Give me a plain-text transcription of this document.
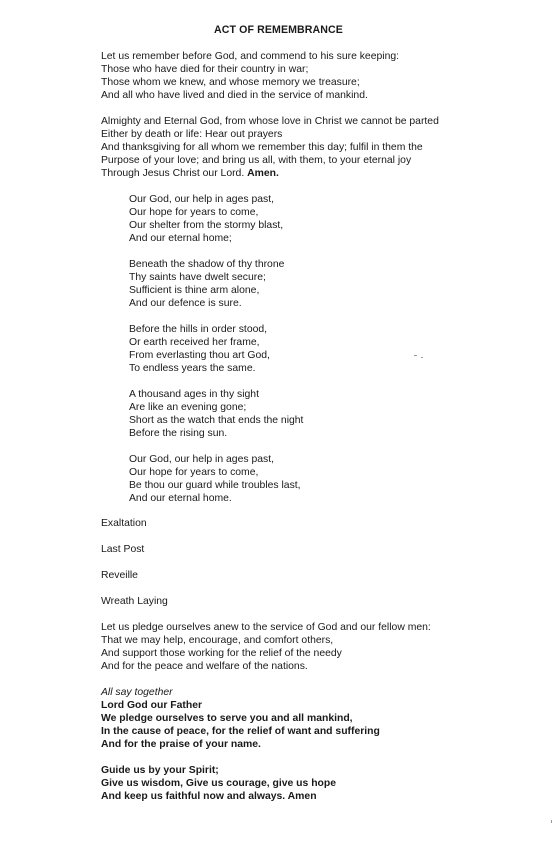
ACT OF REMEMBRANCE
Let us remember before God, and commend to his sure keeping:
Those who have died for their country in war;
Those whom we knew, and whose memory we treasure;
And all who have lived and died in the service of mankind.
Almighty and Eternal God, from whose love in Christ we cannot be parted
Either by death or life: Hear out prayers
And thanksgiving for all whom we remember this day; fulfil in them the
Purpose of your love; and bring us all, with them, to your eternal joy
Through Jesus Christ our Lord. Amen.
Our God, our help in ages past,
Our hope for years to come,
Our shelter from the stormy blast,
And our eternal home;
Beneath the shadow of thy throne
Thy saints have dwelt secure;
Sufficient is thine arm alone,
And our defence is sure.
Before the hills in order stood,
Or earth received her frame,
From everlasting thou art God,
To endless years the same.
A thousand ages in thy sight
Are like an evening gone;
Short as the watch that ends the night
Before the rising sun.
Our God, our help in ages past,
Our hope for years to come,
Be thou our guard while troubles last,
And our eternal home.
Exaltation
Last Post
Reveille
Wreath Laying
Let us pledge ourselves anew to the service of God and our fellow men:
That we may help, encourage, and comfort others,
And support those working for the relief of the needy
And for the peace and welfare of the nations.
All say together
Lord God our Father
We pledge ourselves to serve you and all mankind,
In the cause of peace, for the relief of want and suffering
And for the praise of your name.
Guide us by your Spirit;
Give us wisdom, Give us courage, give us hope
And keep us faithful now and always. Amen
